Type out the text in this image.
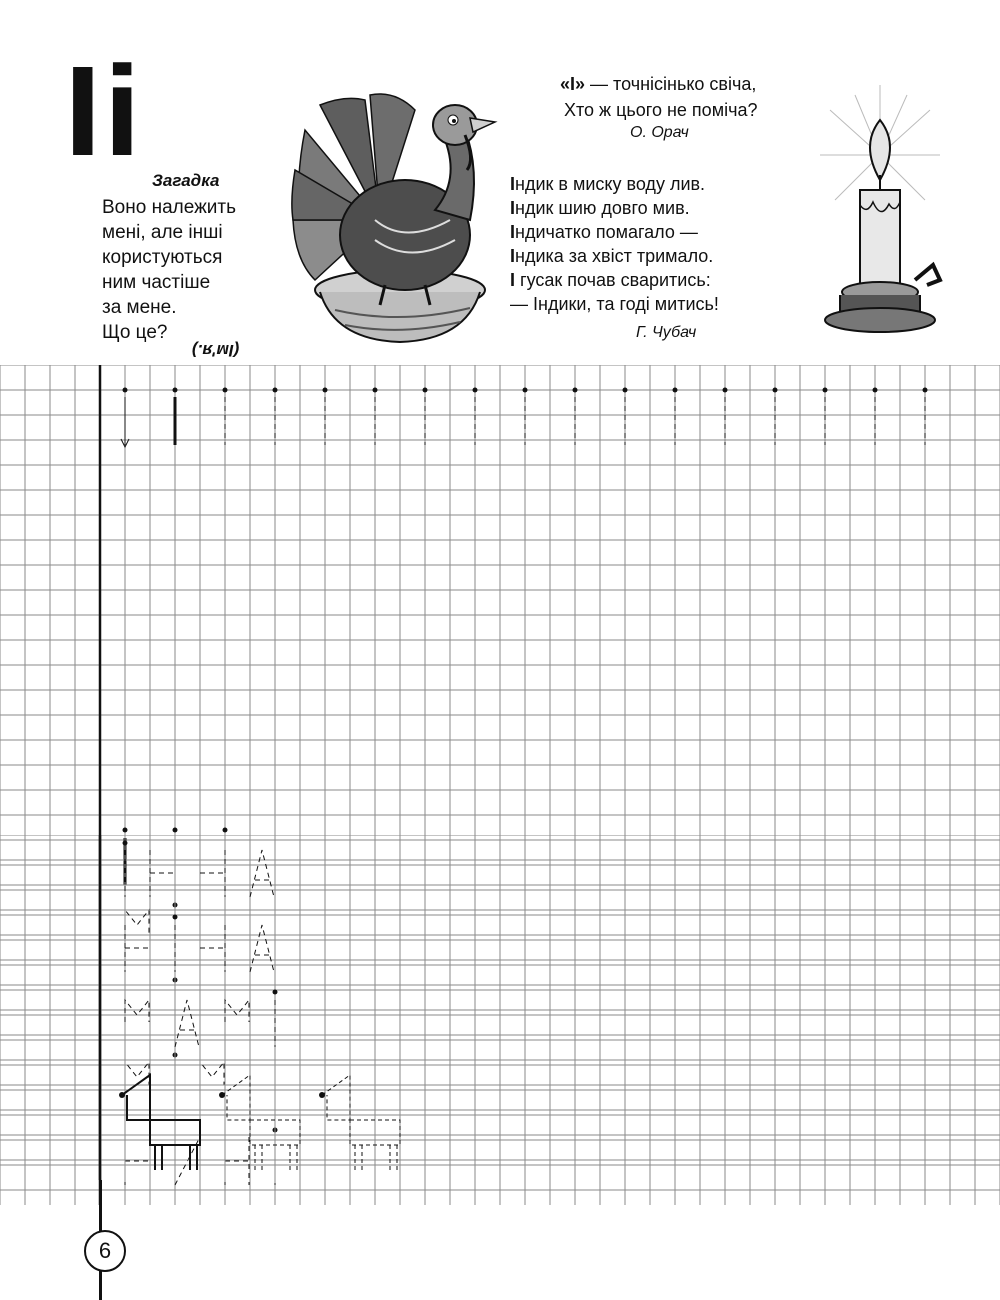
Іі Загадка
Воно належить
мені, але інші
користуються
ним частіше
за мене.
Що це?
(Ім'я.)
«І» — точнісінько свіча,
Хто ж цього не поміча?
О. Орач
Індик в миску воду лив.
Індик шию довго мив.
Індичатко помагало —
Індика за хвіст тримало.
І гусак почав сваритись:
— Індики, та годі митись!
Г. Чубач
6
